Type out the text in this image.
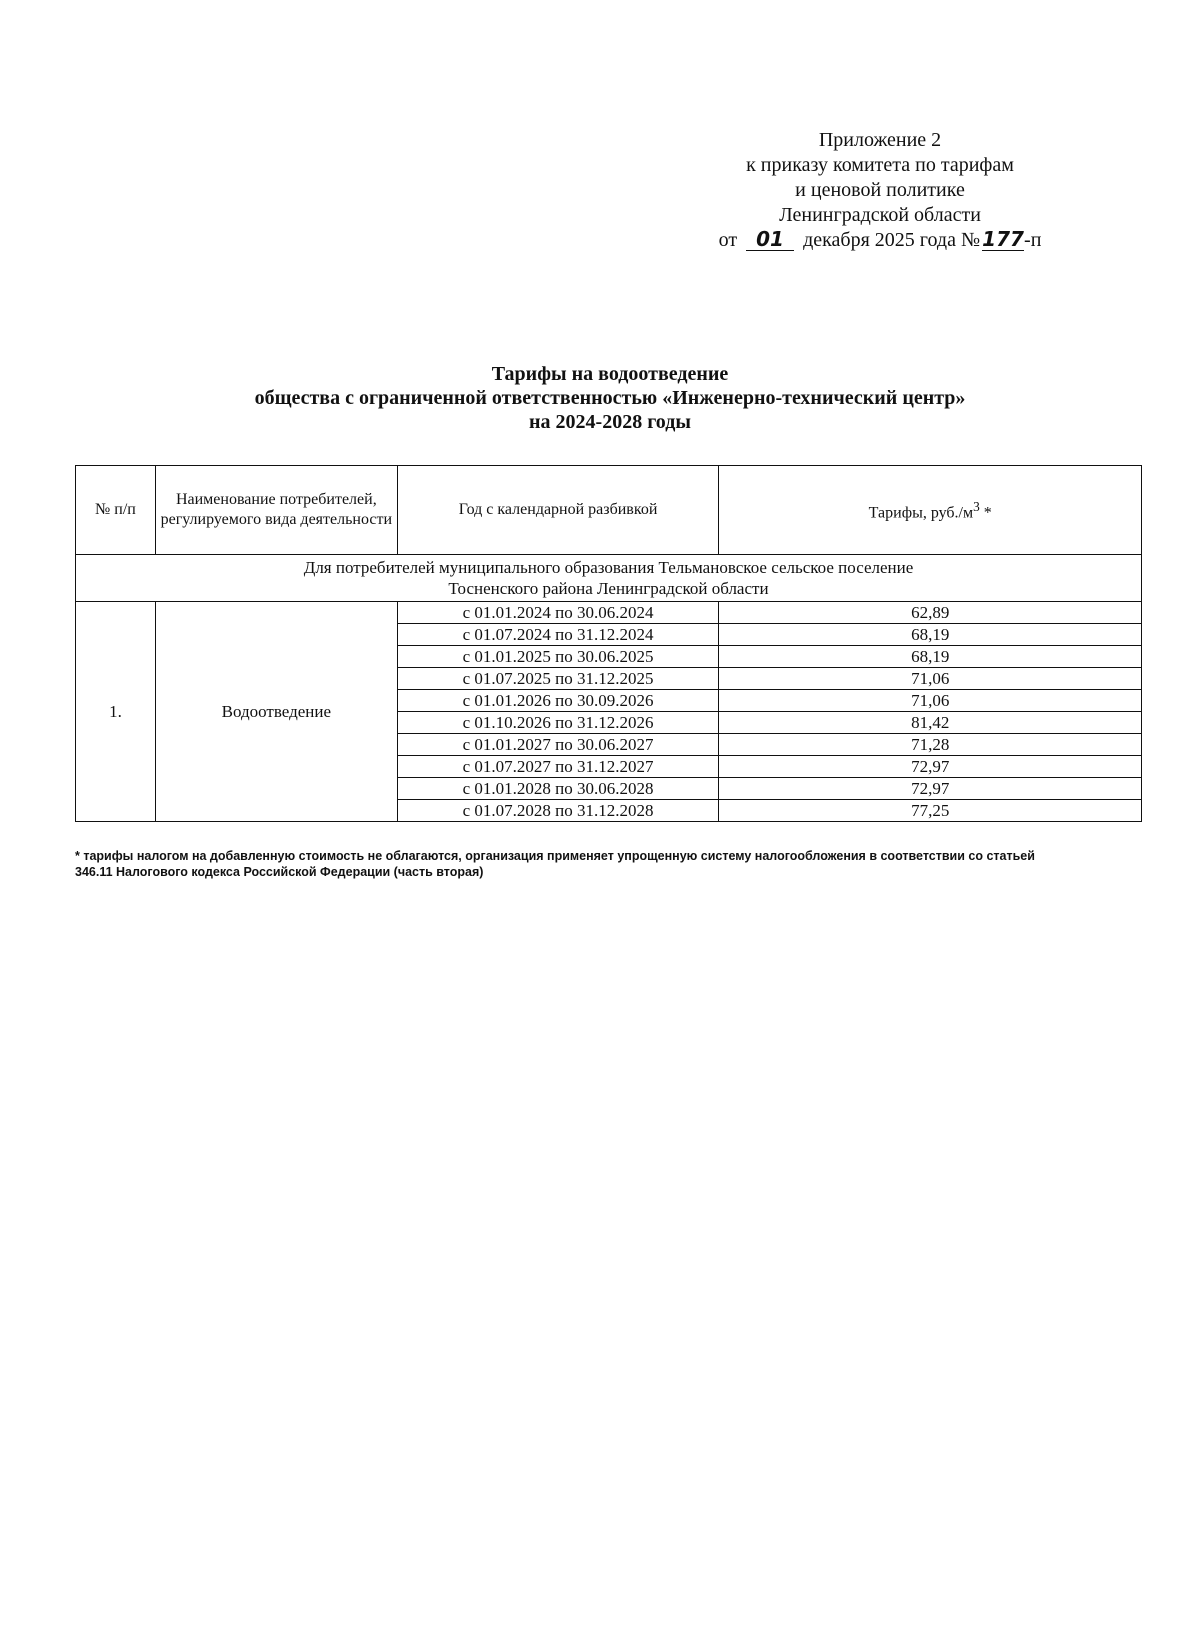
Приложение 2
к приказу комитета по тарифам
и ценовой политике
Ленинградской области
от 01 декабря 2025 года № 177-п
Тарифы на водоотведение
общества с ограниченной ответственностью «Инженерно-технический центр»
на 2024-2028 годы
№ п/п	Наименование потребителей, регулируемого вида деятельности	Год с календарной разбивкой	Тарифы, $руб./м^3$ *

Для потребителей муниципального образования Тельмановское сельское поселение
Тосненского района Ленинградской области			

1.	Водоотведение	с 01.01.2024 по 30.06.2024	62,89
		с 01.07.2024 по 31.12.2024	68,19
		с 01.01.2025 по 30.06.2025	68,19
		с 01.07.2025 по 31.12.2025	71,06
		с 01.01.2026 по 30.09.2026	71,06
		с 01.10.2026 по 31.12.2026	81,42
		с 01.01.2027 по 30.06.2027	71,28
		с 01.07.2027 по 31.12.2027	72,97
		с 01.01.2028 по 30.06.2028	72,97
		с 01.07.2028 по 31.12.2028	77,25
* тарифы налогом на добавленную стоимость не облагаются, организация применяет упрощенную систему налогообложения в соответствии со статьей
346.11 Налогового кодекса Российской Федерации (часть вторая)
